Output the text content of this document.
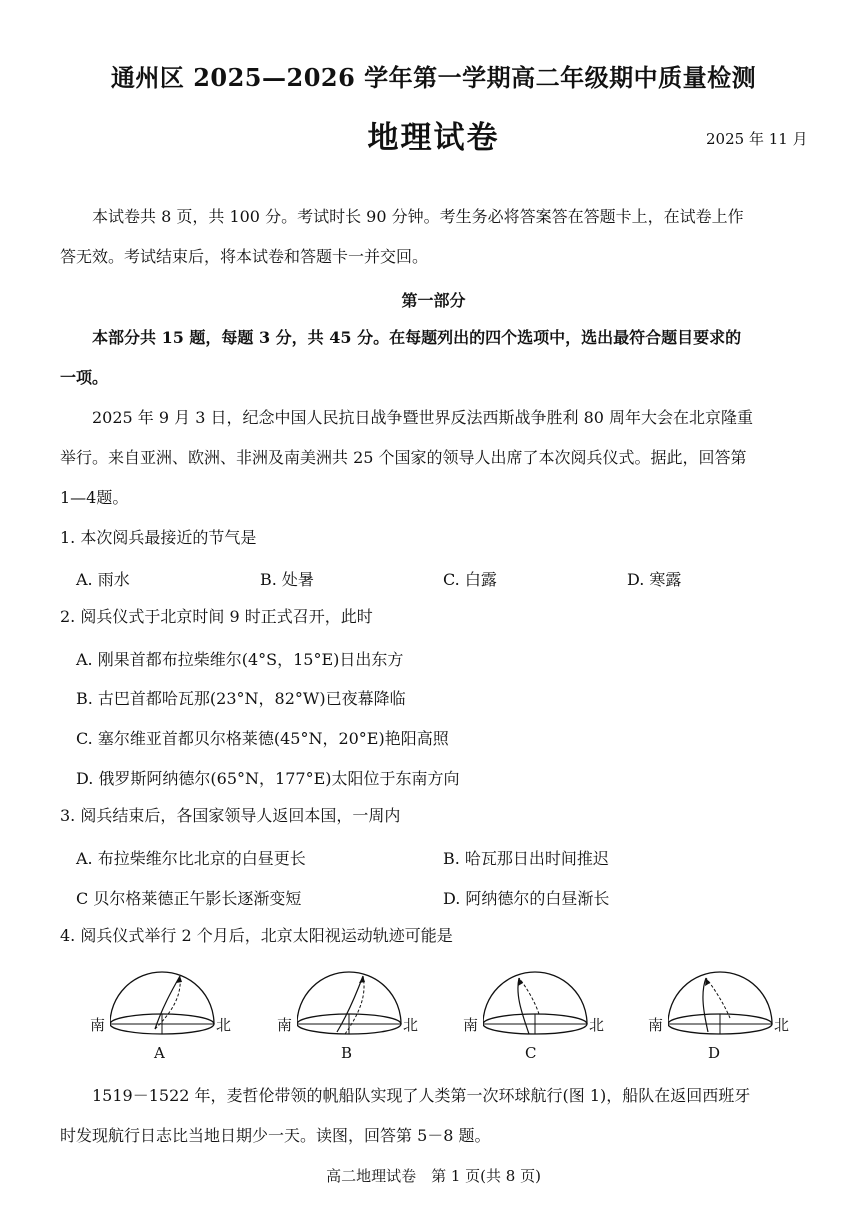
通州区 2025—2026 学年第一学期高二年级期中质量检测
地理试卷	2025 年 11 月
本试卷共 8 页，共 100 分。考试时长 90 分钟。考生务必将答案答在答题卡上，在试卷上作
答无效。考试结束后，将本试卷和答题卡一并交回。
第一部分
本部分共 15 题，每题 3 分，共 45 分。在每题列出的四个选项中，选出最符合题目要求的
一项。
2025 年 9 月 3 日，纪念中国人民抗日战争暨世界反法西斯战争胜利 80 周年大会在北京隆重
举行。来自亚洲、欧洲、非洲及南美洲共 25 个国家的领导人出席了本次阅兵仪式。据此，回答第
1—4题。
1. 本次阅兵最接近的节气是
A. 雨水	B. 处暑	C. 白露	D. 寒露
2. 阅兵仪式于北京时间 9 时正式召开，此时
A. 刚果首都布拉柴维尔(4°S，15°E)日出东方
B. 古巴首都哈瓦那(23°N，82°W)已夜幕降临
C. 塞尔维亚首都贝尔格莱德(45°N，20°E)艳阳高照
D. 俄罗斯阿纳德尔(65°N，177°E)太阳位于东南方向
3. 阅兵结束后，各国家领导人返回本国，一周内
A. 布拉柴维尔比北京的白昼更长	B. 哈瓦那日出时间推迟
C 贝尔格莱德正午影长逐渐变短	D. 阿纳德尔的白昼渐长
4. 阅兵仪式举行 2 个月后，北京太阳视运动轨迹可能是
南	北
A
南	北
B
南	北
C
南	北
D
1519－1522 年，麦哲伦带领的帆船队实现了人类第一次环球航行(图 1)，船队在返回西班牙
时发现航行日志比当地日期少一天。读图，回答第 5－8 题。
高二地理试卷　第 1 页(共 8 页)
